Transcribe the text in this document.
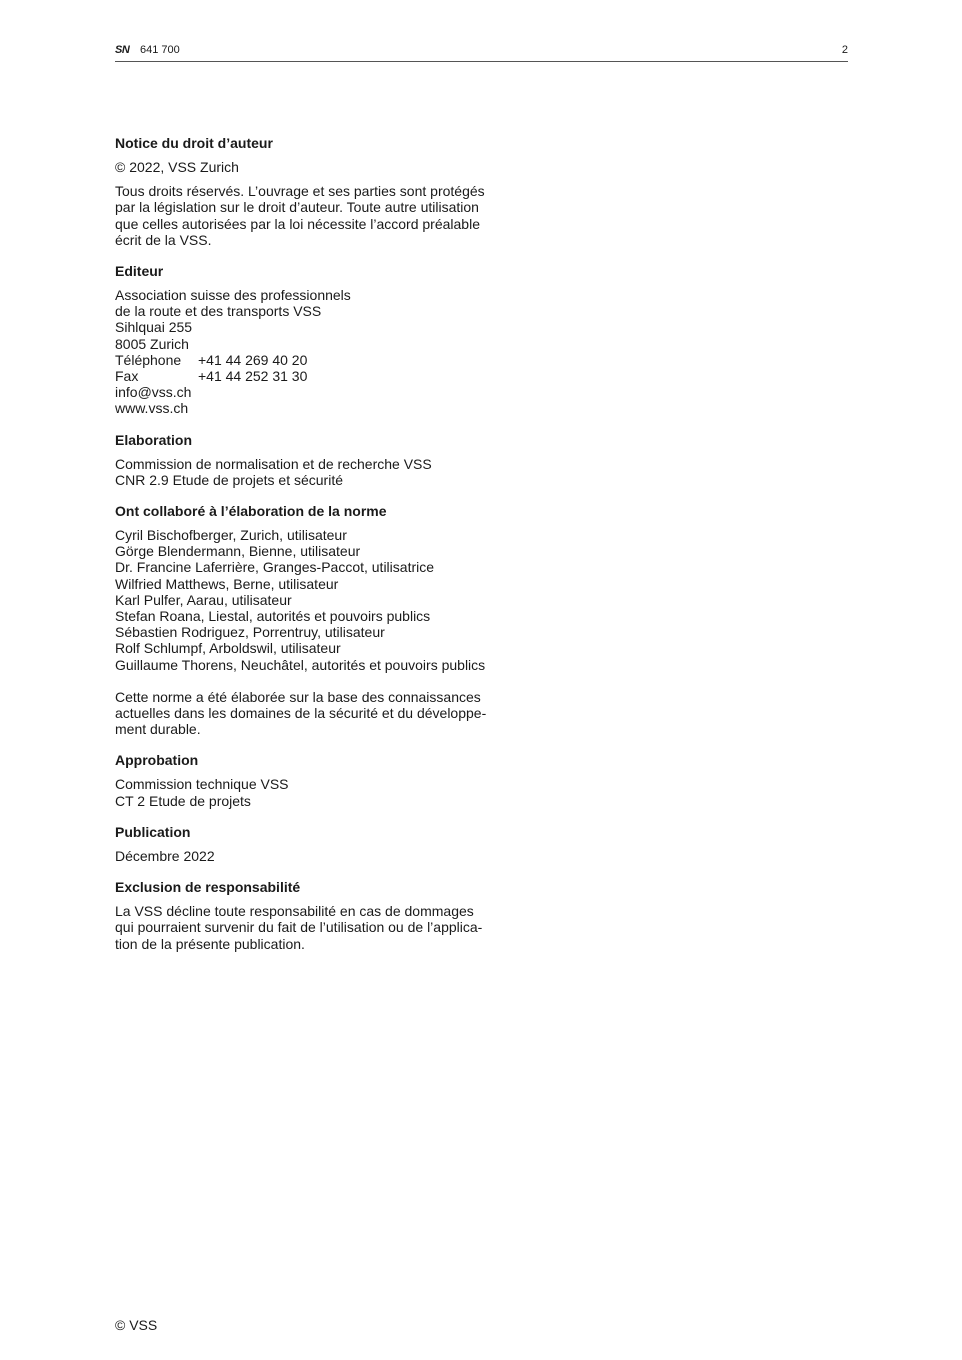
SN 641 700	2
Notice du droit d’auteur

© 2022, VSS Zurich

Tous droits réservés. L’ouvrage et ses parties sont protégés
par la législation sur le droit d’auteur. Toute autre utilisation
que celles autorisées par la loi nécessite l’accord préalable
écrit de la VSS.
Editeur
Association suisse des professionnels
de la route et des transports VSS
Sihlquai 255
8005 Zurich
Téléphone	+41 44 269 40 20
Fax	+41 44 252 31 30
info@vss.ch
www.vss.ch
Elaboration
Commission de normalisation et de recherche VSS
CNR 2.9 Etude de projets et sécurité
Ont collaboré à l’élaboration de la norme
Cyril Bischofberger, Zurich, utilisateur
Görge Blendermann, Bienne, utilisateur
Dr. Francine Laferrière, Granges-Paccot, utilisatrice
Wilfried Matthews, Berne, utilisateur
Karl Pulfer, Aarau, utilisateur
Stefan Roana, Liestal, autorités et pouvoirs publics
Sébastien Rodriguez, Porrentruy, utilisateur
Rolf Schlumpf, Arboldswil, utilisateur
Guillaume Thorens, Neuchâtel, autorités et pouvoirs publics
Cette norme a été élaborée sur la base des connaissances
actuelles dans les domaines de la sécurité et du développe-
ment durable.
Approbation
Commission technique VSS
CT 2 Etude de projets
Publication
Décembre 2022
Exclusion de responsabilité
La VSS décline toute responsabilité en cas de dommages
qui pourraient survenir du fait de l’utilisation ou de l’applica-
tion de la présente publication.
© VSS
